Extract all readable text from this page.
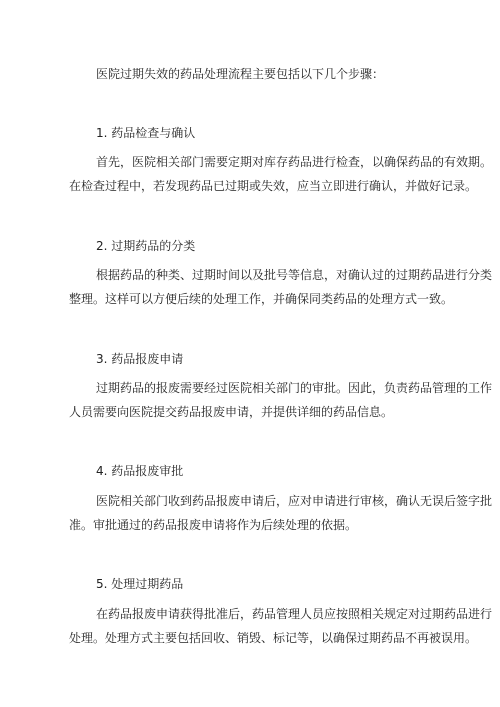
医院过期失效的药品处理流程主要包括以下几个步骤：
1. 药品检查与确认
首先，医院相关部门需要定期对库存药品进行检查，以确保药品的有效期。
在检查过程中，若发现药品已过期或失效，应当立即进行确认，并做好记录。
2. 过期药品的分类
根据药品的种类、过期时间以及批号等信息，对确认过的过期药品进行分类
整理。这样可以方便后续的处理工作，并确保同类药品的处理方式一致。
3. 药品报废申请
过期药品的报废需要经过医院相关部门的审批。因此，负责药品管理的工作
人员需要向医院提交药品报废申请，并提供详细的药品信息。
4. 药品报废审批
医院相关部门收到药品报废申请后，应对申请进行审核，确认无误后签字批
准。审批通过的药品报废申请将作为后续处理的依据。
5. 处理过期药品
在药品报废申请获得批准后，药品管理人员应按照相关规定对过期药品进行
处理。处理方式主要包括回收、销毁、标记等，以确保过期药品不再被误用。
